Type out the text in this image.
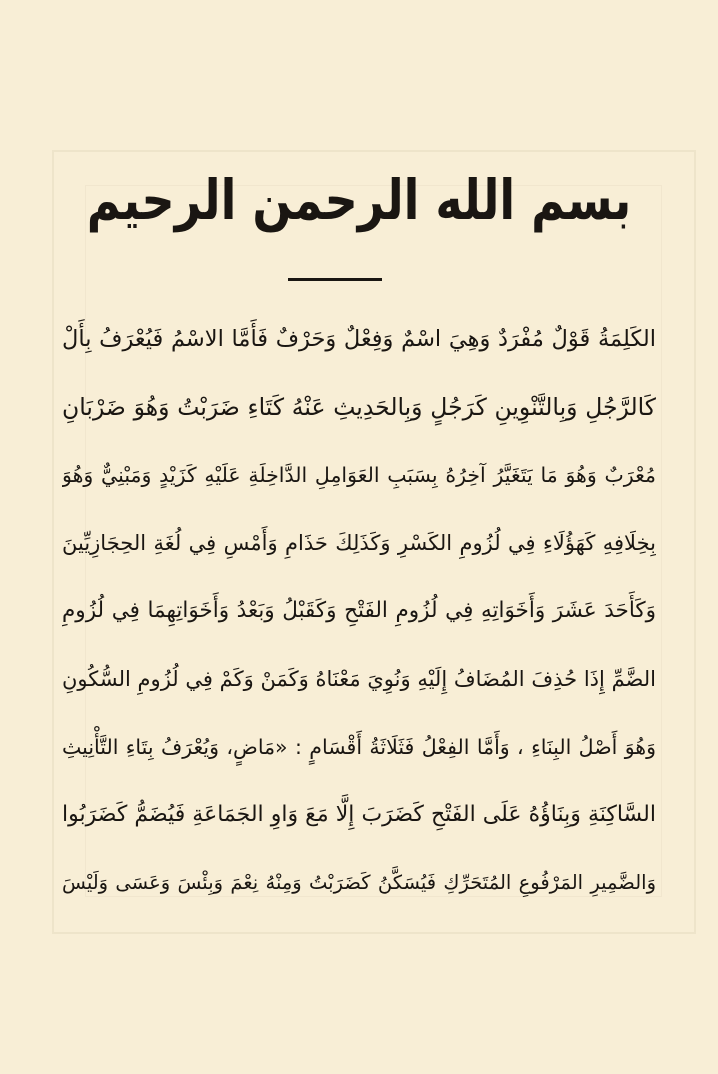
بسم الله الرحمن الرحيم
الكَلِمَةُ قَوْلٌ مُفْرَدٌ وَهِيَ اسْمٌ وَفِعْلٌ وَحَرْفٌ فَأَمَّا الاسْمُ فَيُعْرَفُ بِأَلْ
كَالرَّجُلِ وَبِالتَّنْوِينِ كَرَجُلٍ وَبِالحَدِيثِ عَنْهُ كَتَاءِ ضَرَبْتُ وَهُوَ ضَرْبَانِ
مُعْرَبٌ وَهُوَ مَا يَتَغَيَّرُ آخِرُهُ بِسَبَبِ العَوَامِلِ الدَّاخِلَةِ عَلَيْهِ كَزَيْدٍ وَمَبْنِيٌّ وَهُوَ
بِخِلَافِهِ كَهَؤُلَاءِ فِي لُزُومِ الكَسْرِ وَكَذَلِكَ حَذَامِ وَأَمْسِ فِي لُغَةِ الحِجَازِيِّينَ
وَكَأَحَدَ عَشَرَ وَأَخَوَاتِهِ فِي لُزُومِ الفَتْحِ وَكَقَبْلُ وَبَعْدُ وَأَخَوَاتِهِمَا فِي لُزُومِ
الضَّمِّ إِذَا حُذِفَ المُضَافُ إِلَيْهِ وَنُوِيَ مَعْنَاهُ وَكَمَنْ وَكَمْ فِي لُزُومِ السُّكُونِ
وَهُوَ أَصْلُ البِنَاءِ ، وَأَمَّا الفِعْلُ فَثَلَاثَةُ أَقْسَامٍ : «مَاضٍ، وَيُعْرَفُ بِتَاءِ التَّأْنِيثِ
السَّاكِنَةِ وَبِنَاؤُهُ عَلَى الفَتْحِ كَضَرَبَ إِلَّا مَعَ وَاوِ الجَمَاعَةِ فَيُضَمُّ كَضَرَبُوا
وَالضَّمِيرِ المَرْفُوعِ المُتَحَرِّكِ فَيُسَكَّنُ كَضَرَبْتُ وَمِنْهُ نِعْمَ وَبِئْسَ وَعَسَى وَلَيْسَ
